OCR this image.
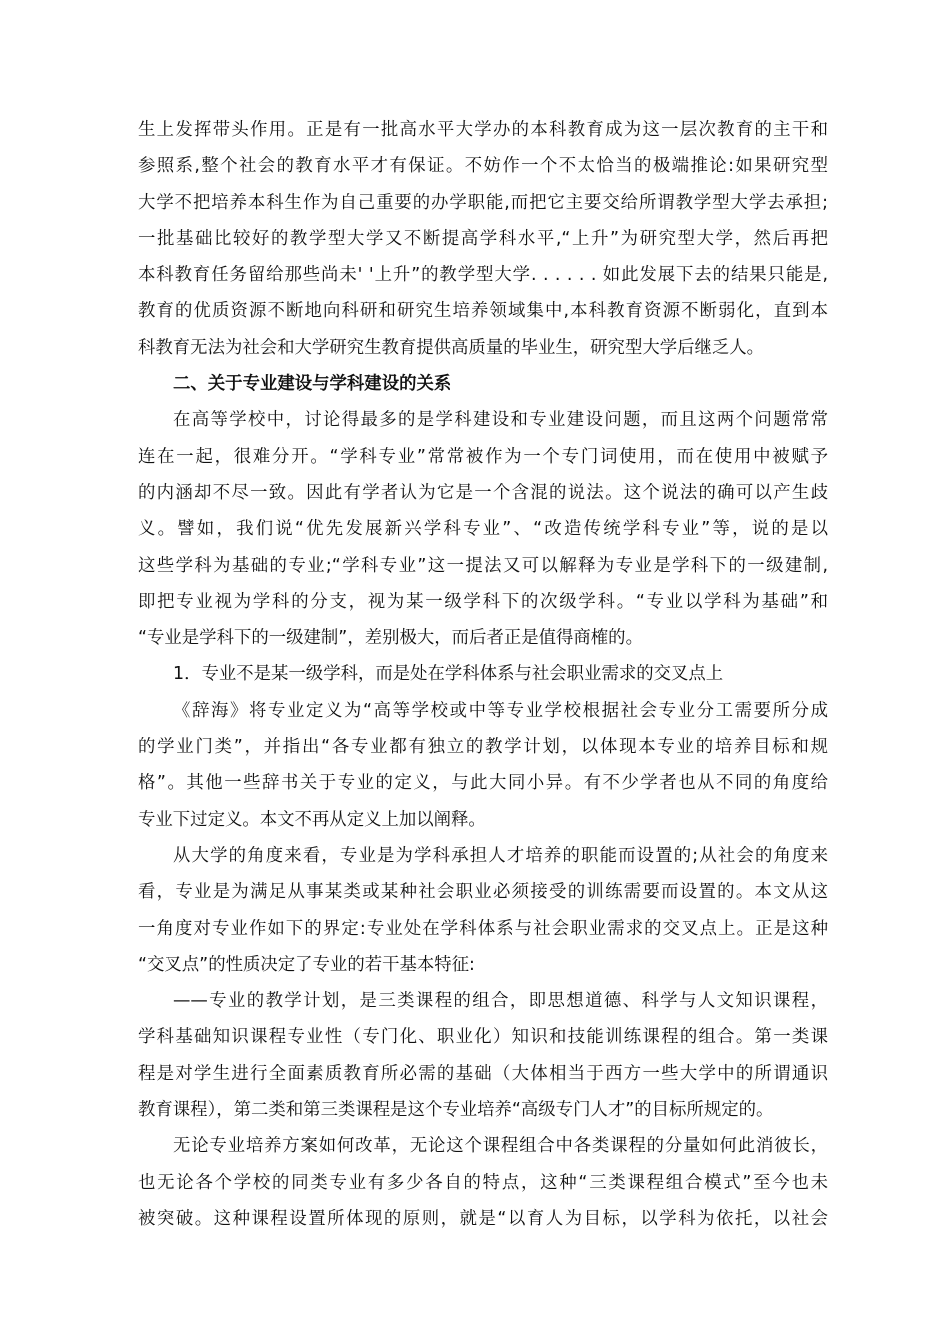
生上发挥带头作用。正是有一批高水平大学办的本科教育成为这一层次教育的主干和
参照系,整个社会的教育水平才有保证。不妨作一个不太恰当的极端推论:如果研究型
大学不把培养本科生作为自己重要的办学职能,而把它主要交给所谓教学型大学去承担;
一批基础比较好的教学型大学又不断提高学科水平,“上升”为研究型大学，然后再把
本科教育任务留给那些尚未' '上升”的教学型大学. . . . . . 如此发展下去的结果只能是,
教育的优质资源不断地向科研和研究生培养领域集中,本科教育资源不断弱化，直到本
科教育无法为社会和大学研究生教育提供高质量的毕业生，研究型大学后继乏人。
二、关于专业建设与学科建设的关系
在高等学校中，讨论得最多的是学科建设和专业建设问题，而且这两个问题常常
连在一起，很难分开。“学科专业”常常被作为一个专门词使用，而在使用中被赋予
的内涵却不尽一致。因此有学者认为它是一个含混的说法。这个说法的确可以产生歧
义。譬如，我们说“优先发展新兴学科专业”、“改造传统学科专业”等，说的是以
这些学科为基础的专业;“学科专业”这一提法又可以解释为专业是学科下的一级建制,
即把专业视为学科的分支，视为某一级学科下的次级学科。“专业以学科为基础”和
“专业是学科下的一级建制”，差别极大，而后者正是值得商榷的。
1．专业不是某一级学科，而是处在学科体系与社会职业需求的交叉点上
《辞海》将专业定义为“高等学校或中等专业学校根据社会专业分工需要所分成
的学业门类”，并指出“各专业都有独立的教学计划，以体现本专业的培养目标和规
格”。其他一些辞书关于专业的定义，与此大同小异。有不少学者也从不同的角度给
专业下过定义。本文不再从定义上加以阐释。
从大学的角度来看，专业是为学科承担人才培养的职能而设置的;从社会的角度来
看，专业是为满足从事某类或某种社会职业必须接受的训练需要而设置的。本文从这
一角度对专业作如下的界定:专业处在学科体系与社会职业需求的交叉点上。正是这种
“交叉点”的性质决定了专业的若干基本特征:
——专业的教学计划，是三类课程的组合，即思想道德、科学与人文知识课程，
学科基础知识课程专业性（专门化、职业化）知识和技能训练课程的组合。第一类课
程是对学生进行全面素质教育所必需的基础（大体相当于西方一些大学中的所谓通识
教育课程），第二类和第三类课程是这个专业培养“高级专门人才”的目标所规定的。
无论专业培养方案如何改革，无论这个课程组合中各类课程的分量如何此消彼长，
也无论各个学校的同类专业有多少各自的特点，这种“三类课程组合模式”至今也未
被突破。这种课程设置所体现的原则，就是“以育人为目标，以学科为依托，以社会
